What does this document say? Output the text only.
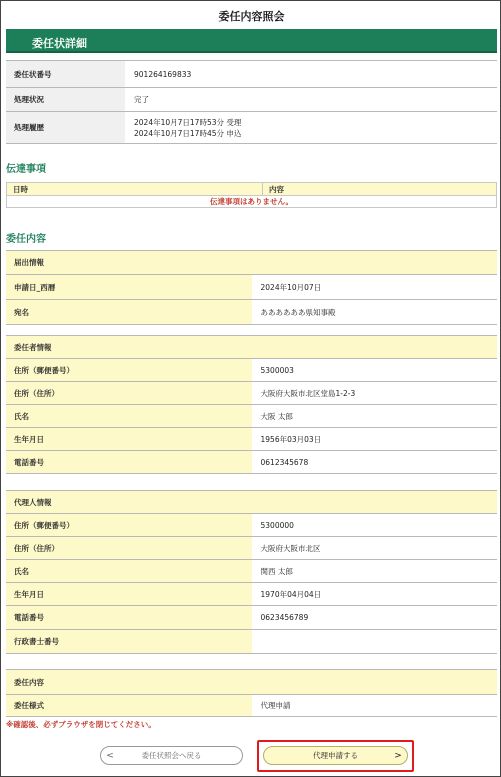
委任内容照会
委任状詳細
委任状番号	901264169833
処理状況	完了
処理履歴	2024年10月7日17時53分 受理
2024年10月7日17時45分 申込
伝達事項
日時	内容
伝達事項はありません。
委任内容
届出情報	
申請日_西暦	2024年10月07日
宛名	ああああああ県知事殿
委任者情報	
住所（郵便番号）	5300003
住所（住所）	大阪府大阪市北区堂島1-2-3
氏名	大阪 太郎
生年月日	1956年03月03日
電話番号	0612345678
代理人情報	
住所（郵便番号）	5300000
住所（住所）	大阪府大阪市北区
氏名	関西 太郎
生年月日	1970年04月04日
電話番号	0623456789
行政書士番号	
委任内容
委任様式	代理申請
※確認後、必ずブラウザを閉じてください。
<	委任状照会へ戻る	代理申請する	>
